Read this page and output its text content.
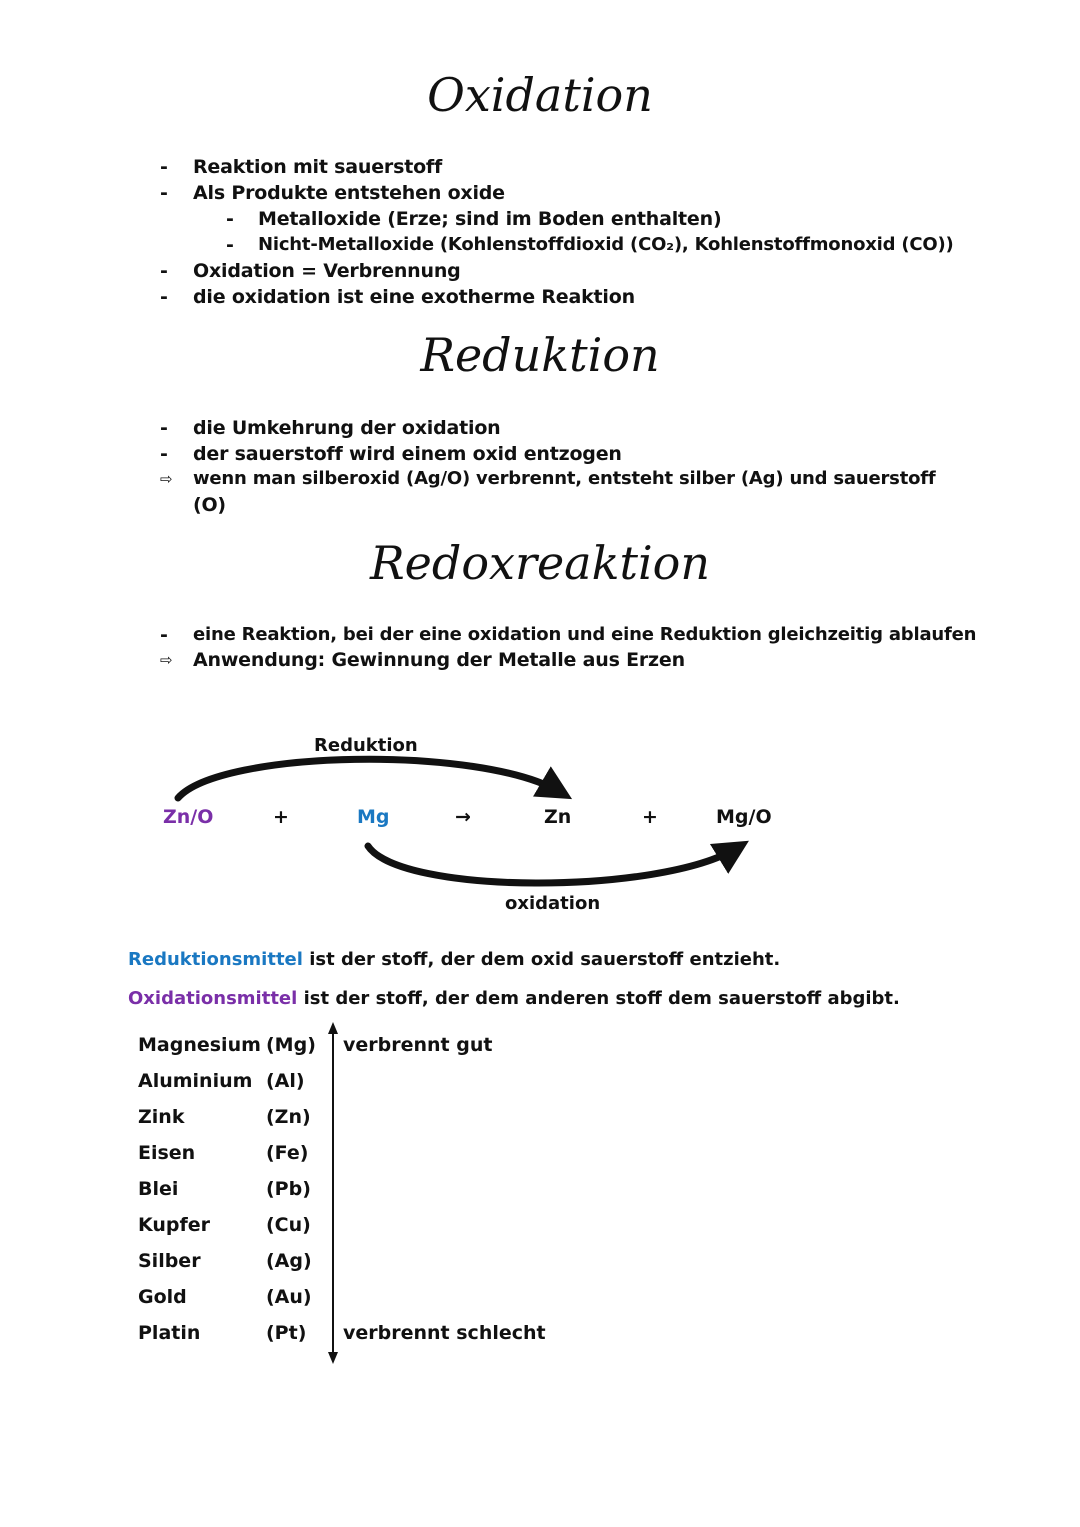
Oxidation
- Reaktion mit sauerstoff
- Als Produkte entstehen oxide
- Metalloxide (Erze; sind im Boden enthalten)
- Nicht-Metalloxide (Kohlenstoffdioxid (CO₂), Kohlenstoffmonoxid (CO))
- Oxidation = Verbrennung
- die oxidation ist eine exotherme Reaktion
Reduktion
- die Umkehrung der oxidation
- der sauerstoff wird einem oxid entzogen
⇨ wenn man silberoxid (Ag/O) verbrennt, entsteht silber (Ag) und sauerstoff
(O)
Redoxreaktion
- eine Reaktion, bei der eine oxidation und eine Reduktion gleichzeitig ablaufen
⇨ Anwendung: Gewinnung der Metalle aus Erzen
Reduktion
Zn/O	+	Mg	→	Zn	+	Mg/O
oxidation
Reduktionsmittel ist der stoff, der dem oxid sauerstoff entzieht.
Oxidationsmittel ist der stoff, der dem anderen stoff dem sauerstoff abgibt.
Magnesium (Mg)
Aluminium (Al)
Zink	(Zn)
Eisen	(Fe)
Blei	(Pb)
Kupfer	(Cu)
Silber	(Ag)
Gold	(Au)
Platin	(Pt)
verbrennt gut
verbrennt schlecht
